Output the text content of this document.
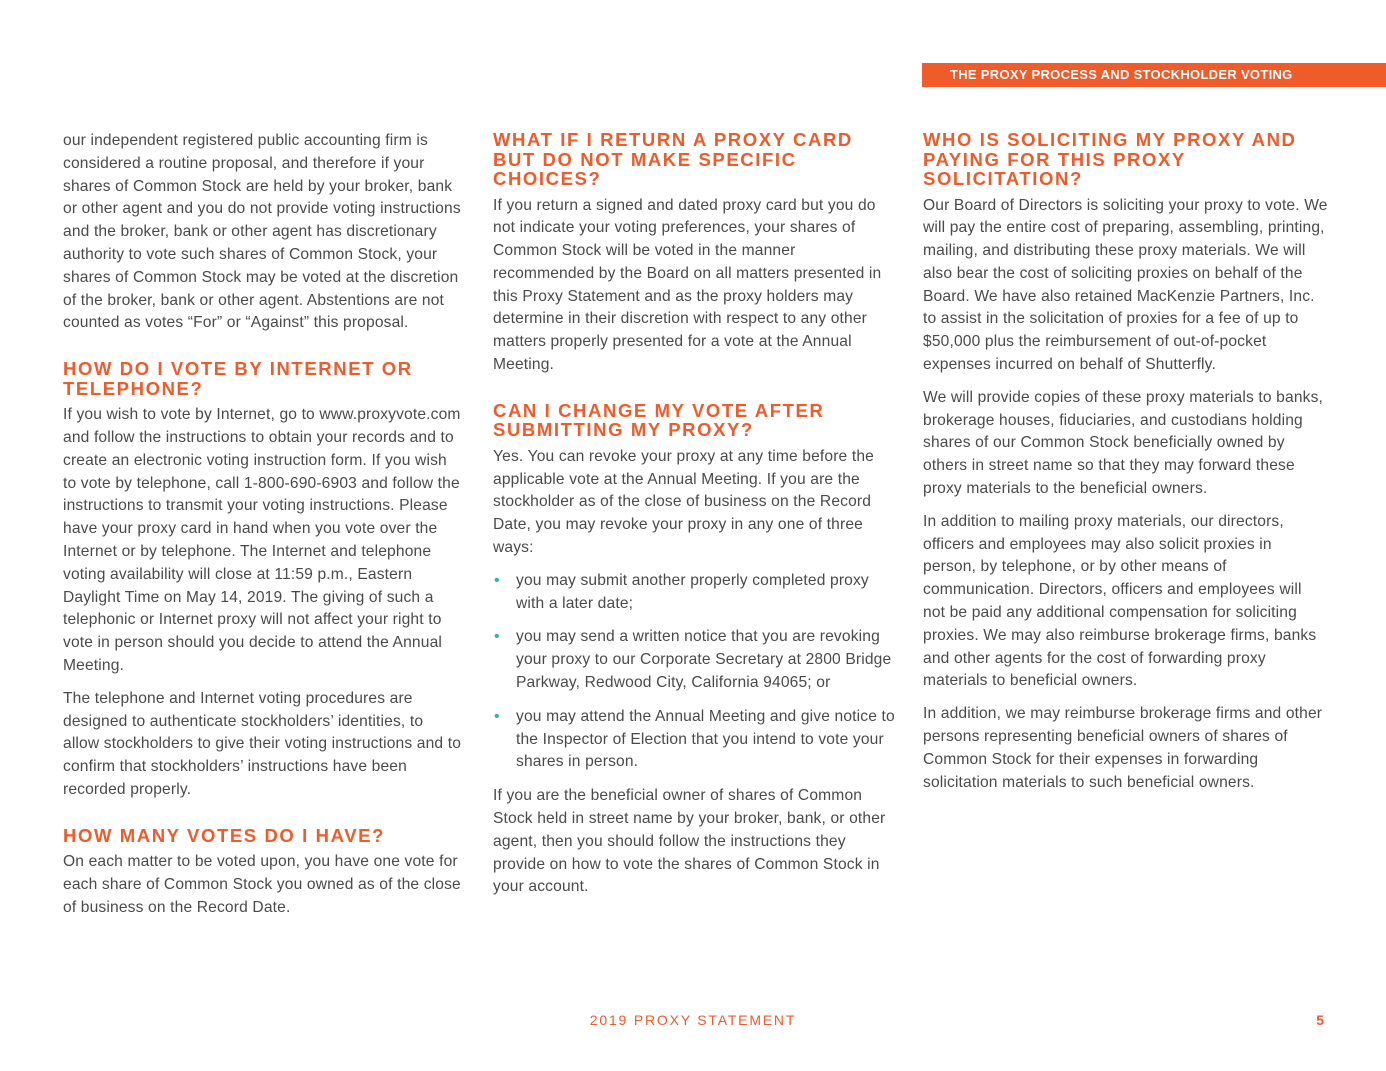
THE PROXY PROCESS AND STOCKHOLDER VOTING

our independent registered public accounting firm is considered a routine proposal, and therefore if your shares of Common Stock are held by your broker, bank or other agent and you do not provide voting instructions and the broker, bank or other agent has discretionary authority to vote such shares of Common Stock, your shares of Common Stock may be voted at the discretion of the broker, bank or other agent. Abstentions are not counted as votes “For” or “Against” this proposal.

HOW DO I VOTE BY INTERNET OR TELEPHONE?

If you wish to vote by Internet, go to www.proxyvote.com and follow the instructions to obtain your records and to create an electronic voting instruction form. If you wish to vote by telephone, call 1-800-690-6903 and follow the instructions to transmit your voting instructions. Please have your proxy card in hand when you vote over the Internet or by telephone. The Internet and telephone voting availability will close at 11:59 p.m., Eastern Daylight Time on May 14, 2019. The giving of such a telephonic or Internet proxy will not affect your right to vote in person should you decide to attend the Annual Meeting.

The telephone and Internet voting procedures are designed to authenticate stockholders’ identities, to allow stockholders to give their voting instructions and to confirm that stockholders’ instructions have been recorded properly.

HOW MANY VOTES DO I HAVE?

On each matter to be voted upon, you have one vote for each share of Common Stock you owned as of the close of business on the Record Date.

WHAT IF I RETURN A PROXY CARD BUT DO NOT MAKE SPECIFIC CHOICES?

If you return a signed and dated proxy card but you do not indicate your voting preferences, your shares of Common Stock will be voted in the manner recommended by the Board on all matters presented in this Proxy Statement and as the proxy holders may determine in their discretion with respect to any other matters properly presented for a vote at the Annual Meeting.

CAN I CHANGE MY VOTE AFTER SUBMITTING MY PROXY?

Yes. You can revoke your proxy at any time before the applicable vote at the Annual Meeting. If you are the stockholder as of the close of business on the Record Date, you may revoke your proxy in any one of three ways:

• you may submit another properly completed proxy with a later date;
• you may send a written notice that you are revoking your proxy to our Corporate Secretary at 2800 Bridge Parkway, Redwood City, California 94065; or
• you may attend the Annual Meeting and give notice to the Inspector of Election that you intend to vote your shares in person.

If you are the beneficial owner of shares of Common Stock held in street name by your broker, bank, or other agent, then you should follow the instructions they provide on how to vote the shares of Common Stock in your account.

WHO IS SOLICITING MY PROXY AND PAYING FOR THIS PROXY SOLICITATION?

Our Board of Directors is soliciting your proxy to vote. We will pay the entire cost of preparing, assembling, printing, mailing, and distributing these proxy materials. We will also bear the cost of soliciting proxies on behalf of the Board. We have also retained MacKenzie Partners, Inc. to assist in the solicitation of proxies for a fee of up to $50,000 plus the reimbursement of out-of-pocket expenses incurred on behalf of Shutterfly.

We will provide copies of these proxy materials to banks, brokerage houses, fiduciaries, and custodians holding shares of our Common Stock beneficially owned by others in street name so that they may forward these proxy materials to the beneficial owners.

In addition to mailing proxy materials, our directors, officers and employees may also solicit proxies in person, by telephone, or by other means of communication. Directors, officers and employees will not be paid any additional compensation for soliciting proxies. We may also reimburse brokerage firms, banks and other agents for the cost of forwarding proxy materials to beneficial owners.

In addition, we may reimburse brokerage firms and other persons representing beneficial owners of shares of Common Stock for their expenses in forwarding solicitation materials to such beneficial owners.

2019 PROXY STATEMENT	5
